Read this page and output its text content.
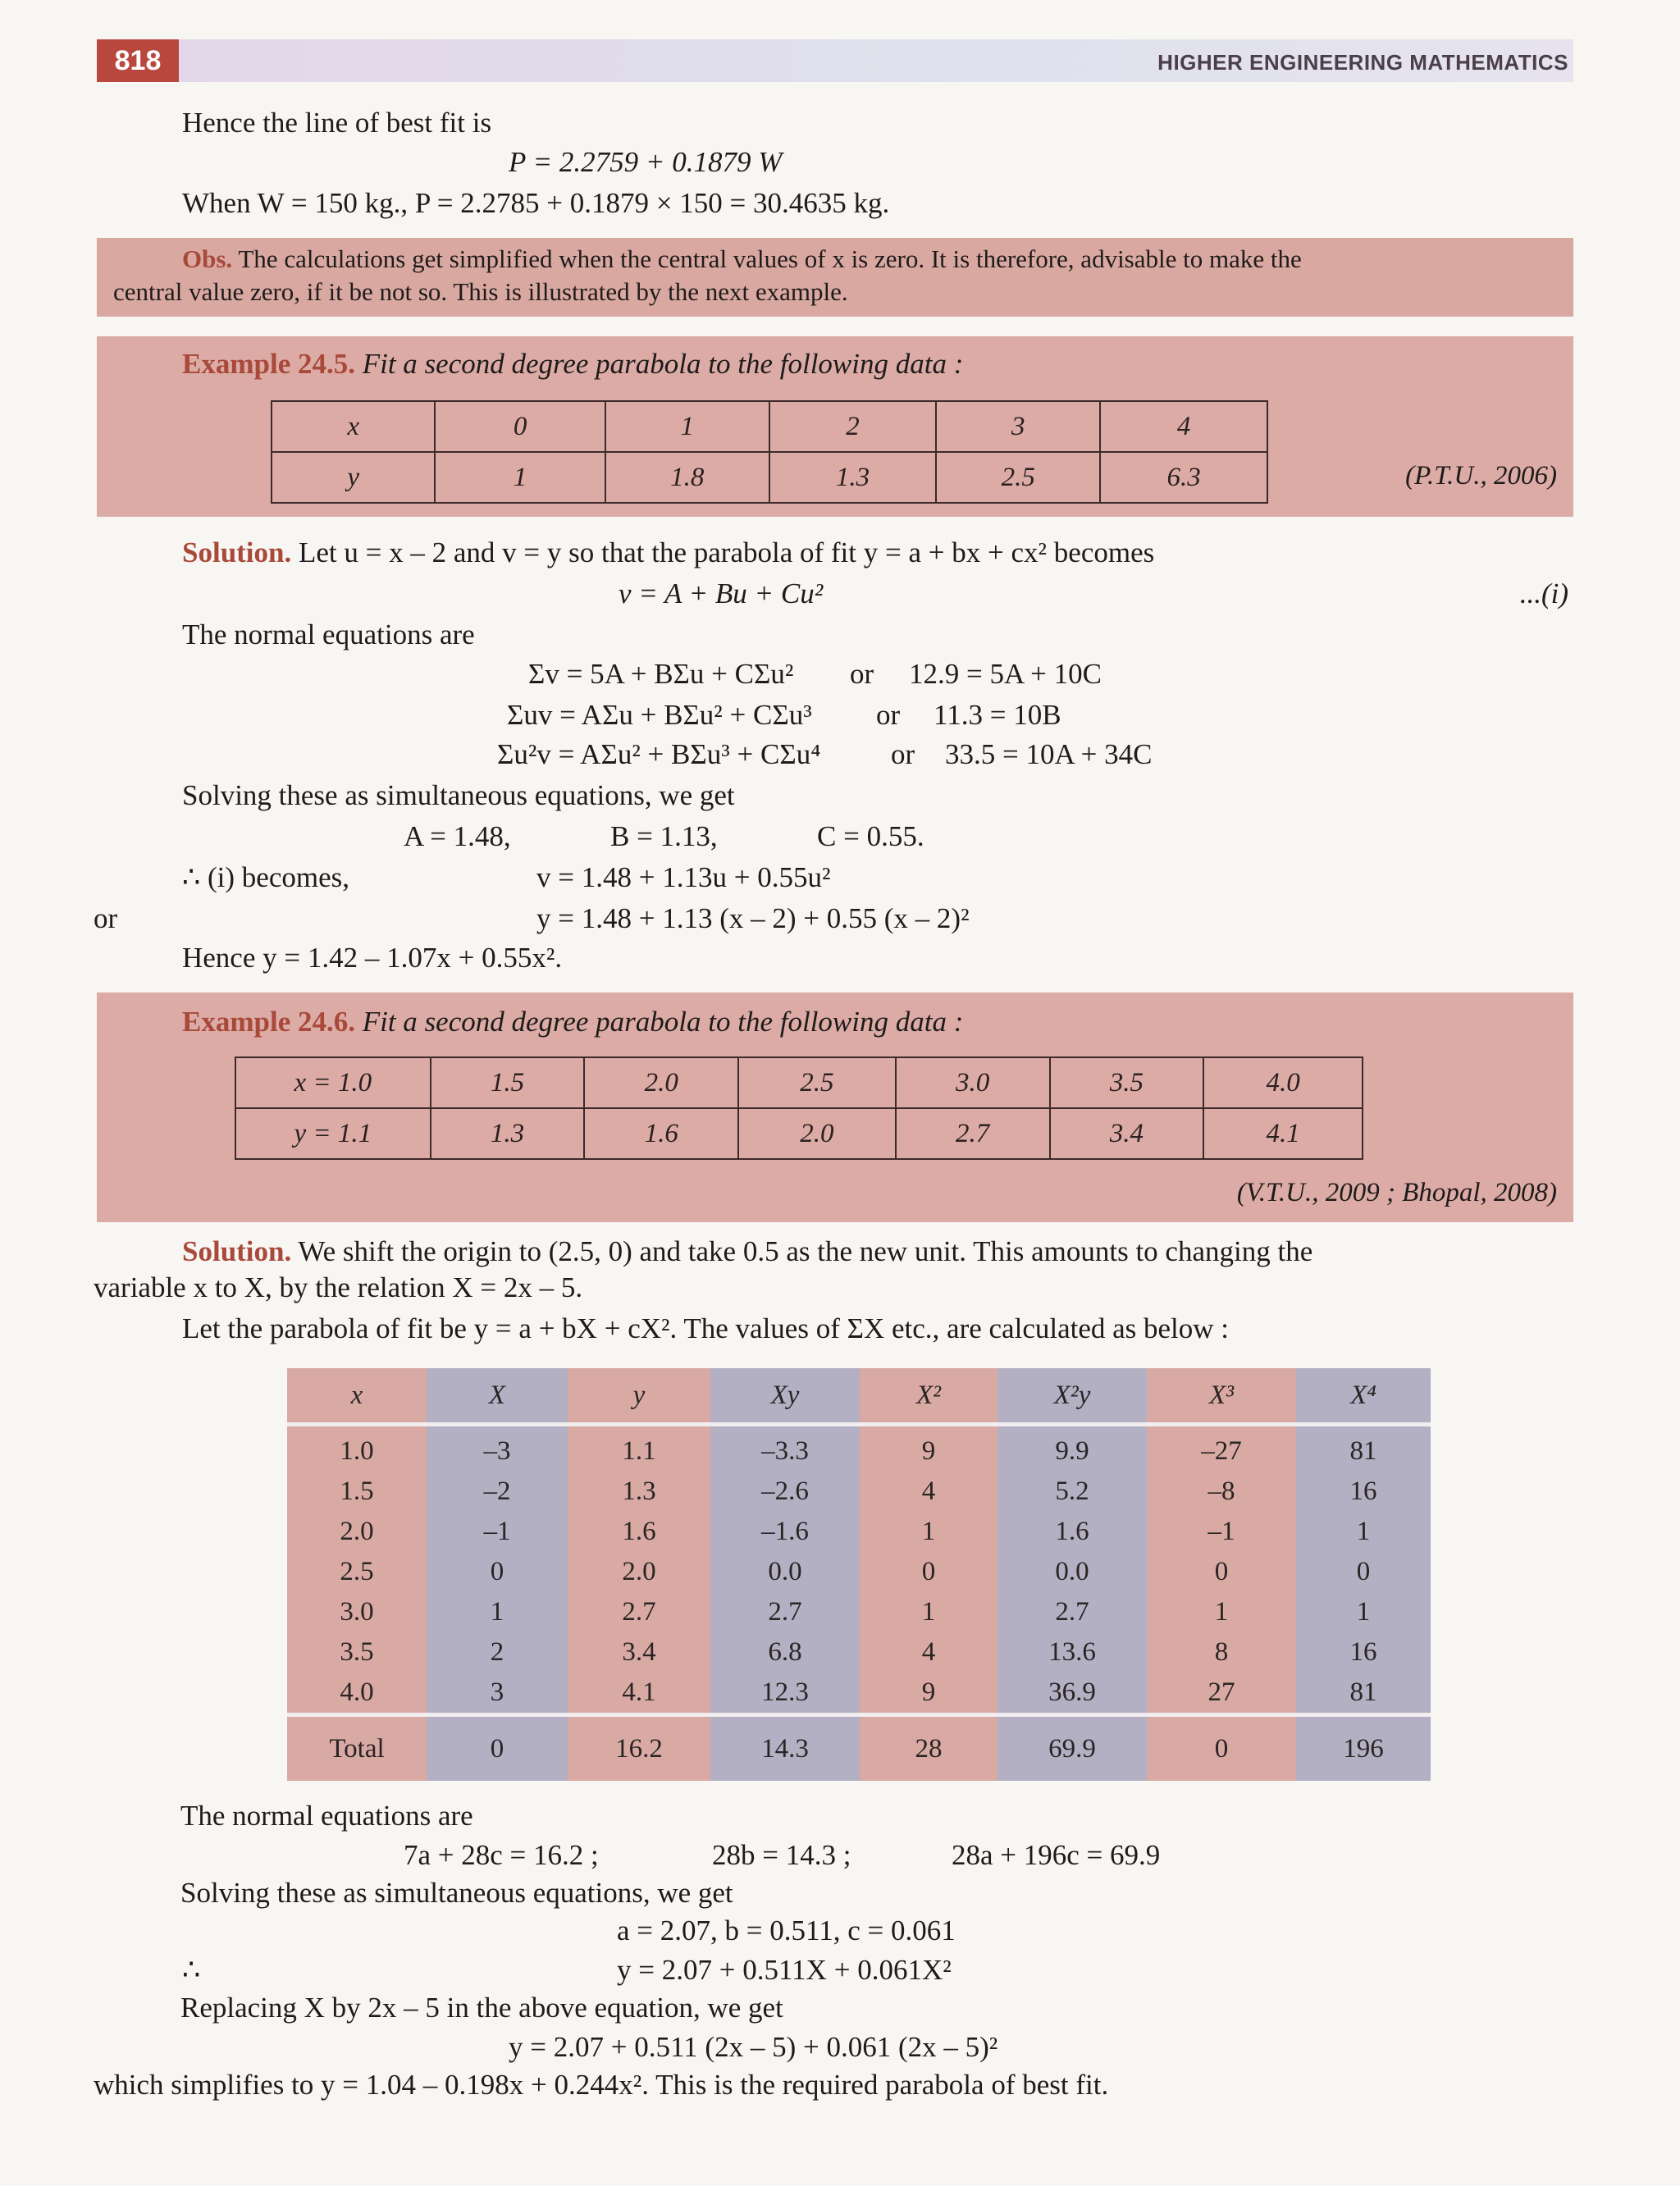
818	HIGHER ENGINEERING MATHEMATICS
Hence the line of best fit is
P = 2.2759 + 0.1879 W
When W = 150 kg., P = 2.2785 + 0.1879 × 150 = 30.4635 kg.
Obs. The calculations get simplified when the central values of x is zero. It is therefore, advisable to make the
central value zero, if it be not so. This is illustrated by the next example.
Example 24.5. Fit a second degree parabola to the following data :
(P.T.U., 2006)
x	0	1	2	3	4
y	1	1.8	1.3	2.5	6.3
Solution. Let u = x – 2 and v = y so that the parabola of fit y = a + bx + cx² becomes
v = A + Bu + Cu²	...(i)
The normal equations are
Σv = 5A + BΣu + CΣu² or 12.9 = 5A + 10C
Σuv = AΣu + BΣu² + CΣu³ or 11.3 = 10B
Σu²v = AΣu² + BΣu³ + CΣu⁴ or 33.5 = 10A + 34C
Solving these as simultaneous equations, we get
A = 1.48,	B = 1.13,	C = 0.55.
∴ (i) becomes,	v = 1.48 + 1.13u + 0.55u²
or	y = 1.48 + 1.13 (x – 2) + 0.55 (x – 2)²
Hence y = 1.42 – 1.07x + 0.55x².
Example 24.6. Fit a second degree parabola to the following data :
(V.T.U., 2009 ; Bhopal, 2008)
x = 1.0	1.5	2.0	2.5	3.0	3.5	4.0
y = 1.1	1.3	1.6	2.0	2.7	3.4	4.1
Solution. We shift the origin to (2.5, 0) and take 0.5 as the new unit. This amounts to changing the
variable x to X, by the relation X = 2x – 5.
Let the parabola of fit be y = a + bX + cX². The values of ΣX etc., are calculated as below :
x	X	y	Xy	X²	X²y	X³	X⁴
1.0	–3	1.1	–3.3	9	9.9	–27	81
1.5	–2	1.3	–2.6	4	5.2	–8	16
2.0	–1	1.6	–1.6	1	1.6	–1	1
2.5	0	2.0	0.0	0	0.0	0	0
3.0	1	2.7	2.7	1	2.7	1	1
3.5	2	3.4	6.8	4	13.6	8	16
4.0	3	4.1	12.3	9	36.9	27	81
Total	0	16.2	14.3	28	69.9	0	196
The normal equations are
7a + 28c = 16.2 ;	28b = 14.3 ;	28a + 196c = 69.9
Solving these as simultaneous equations, we get
a = 2.07, b = 0.511, c = 0.061
∴	y = 2.07 + 0.511X + 0.061X²
Replacing X by 2x – 5 in the above equation, we get
y = 2.07 + 0.511 (2x – 5) + 0.061 (2x – 5)²
which simplifies to y = 1.04 – 0.198x + 0.244x². This is the required parabola of best fit.
